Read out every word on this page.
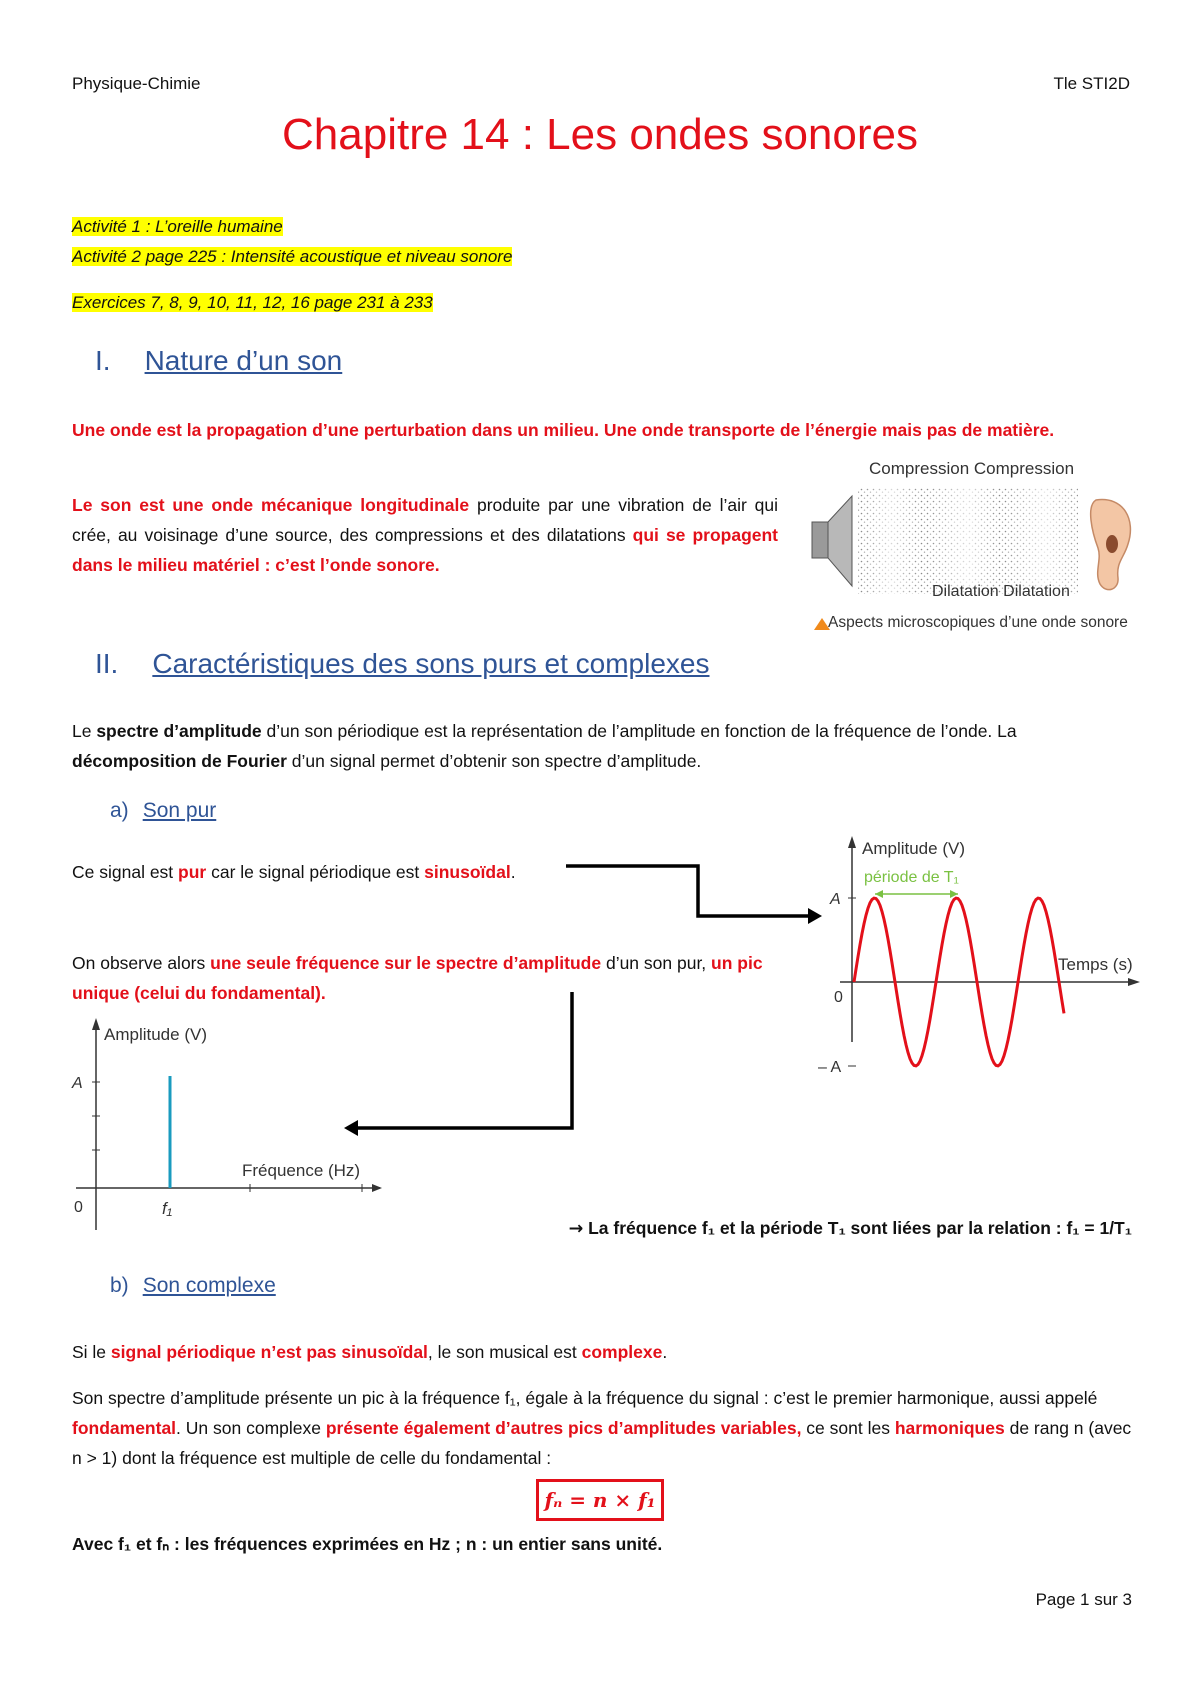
Physique-Chimie	Tle STI2D
Chapitre 14 : Les ondes sonores
Activité 1 : L’oreille humaine
Activité 2 page 225 : Intensité acoustique et niveau sonore
Exercices 7, 8, 9, 10, 11, 12, 16 page 231 à 233
I. Nature d’un son
Une onde est la propagation d’une perturbation dans un milieu. Une onde transporte de l’énergie mais pas de matière.
Le son est une onde mécanique longitudinale produite par une vibration de l’air qui crée, au voisinage d’une source, des compressions et des dilatations qui se propagent dans le milieu matériel : c’est l’onde sonore.
Compression Compression
Dilatation Dilatation
Aspects microscopiques d’une onde sonore
II. Caractéristiques des sons purs et complexes
Le spectre d’amplitude d’un son périodique est la représentation de l’amplitude en fonction de la fréquence de l’onde. La décomposition de Fourier d’un signal permet d’obtenir son spectre d’amplitude.
a) Son pur
Ce signal est pur car le signal périodique est sinusoïdal.
On observe alors une seule fréquence sur le spectre d’amplitude d’un son pur, un pic unique (celui du fondamental).
Amplitude (V)
Temps (s)
A
0
– A
période de T₁
Amplitude (V)
Fréquence (Hz)
A
0	f₁
→ La fréquence f₁ et la période T₁ sont liées par la relation : f₁ = 1/T₁
b) Son complexe
Si le signal périodique n’est pas sinusoïdal, le son musical est complexe.
Son spectre d’amplitude présente un pic à la fréquence f₁, égale à la fréquence du signal : c’est le premier harmonique, aussi appelé fondamental. Un son complexe présente également d’autres pics d’amplitudes variables, ce sont les harmoniques de rang n (avec n > 1) dont la fréquence est multiple de celle du fondamental :
fₙ = n × f₁
Avec f₁ et fₙ : les fréquences exprimées en Hz ; n : un entier sans unité.
Page 1 sur 3
